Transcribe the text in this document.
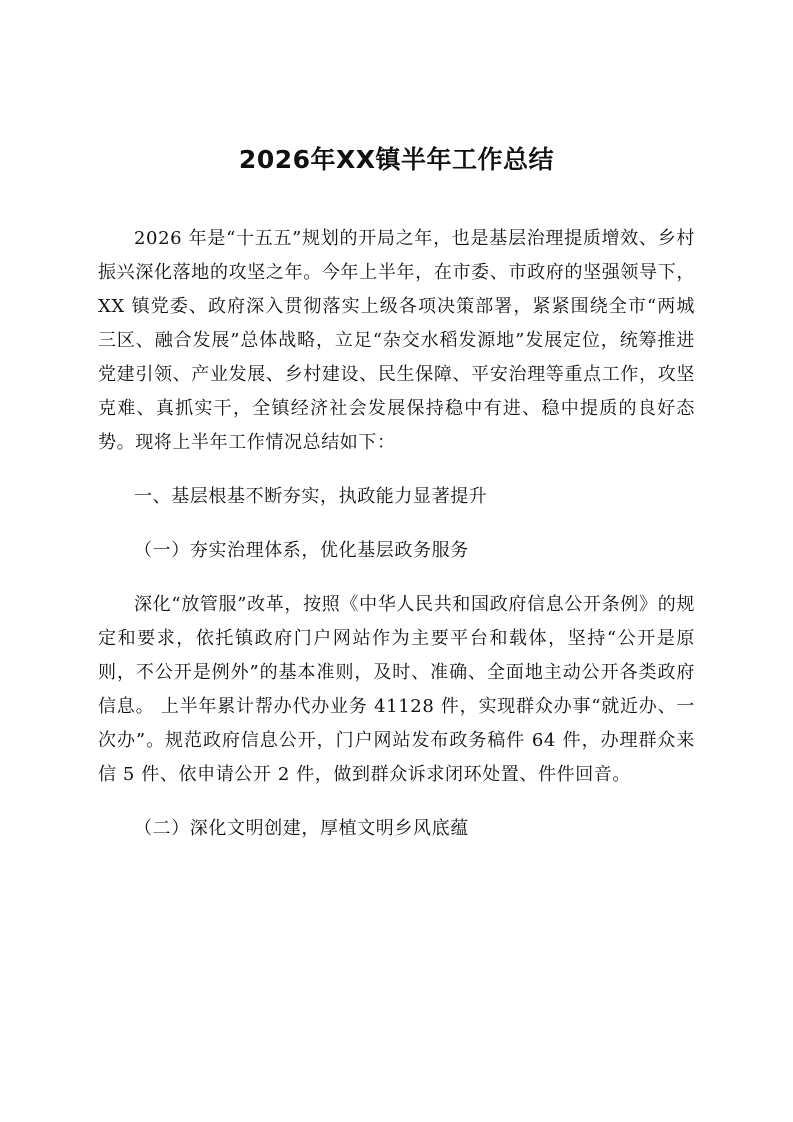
2026年XX镇半年工作总结

2026 年是“十五五”规划的开局之年，也是基层治理提质增效、乡村振兴深化落地的攻坚之年。今年上半年，在市委、市政府的坚强领导下，XX 镇党委、政府深入贯彻落实上级各项决策部署，紧紧围绕全市“两城三区、融合发展”总体战略，立足“杂交水稻发源地”发展定位，统筹推进党建引领、产业发展、乡村建设、民生保障、平安治理等重点工作，攻坚克难、真抓实干，全镇经济社会发展保持稳中有进、稳中提质的良好态势。现将上半年工作情况总结如下：

一、基层根基不断夯实，执政能力显著提升

（一）夯实治理体系，优化基层政务服务

深化“放管服”改革，按照《中华人民共和国政府信息公开条例》的规定和要求，依托镇政府门户网站作为主要平台和载体，坚持“公开是原则，不公开是例外”的基本准则，及时、准确、全面地主动公开各类政府信息。 上半年累计帮办代办业务 41128 件，实现群众办事“就近办、一次办”。规范政府信息公开，门户网站发布政务稿件 64 件，办理群众来信 5 件、依申请公开 2 件，做到群众诉求闭环处置、件件回音。

（二）深化文明创建，厚植文明乡风底蕴
